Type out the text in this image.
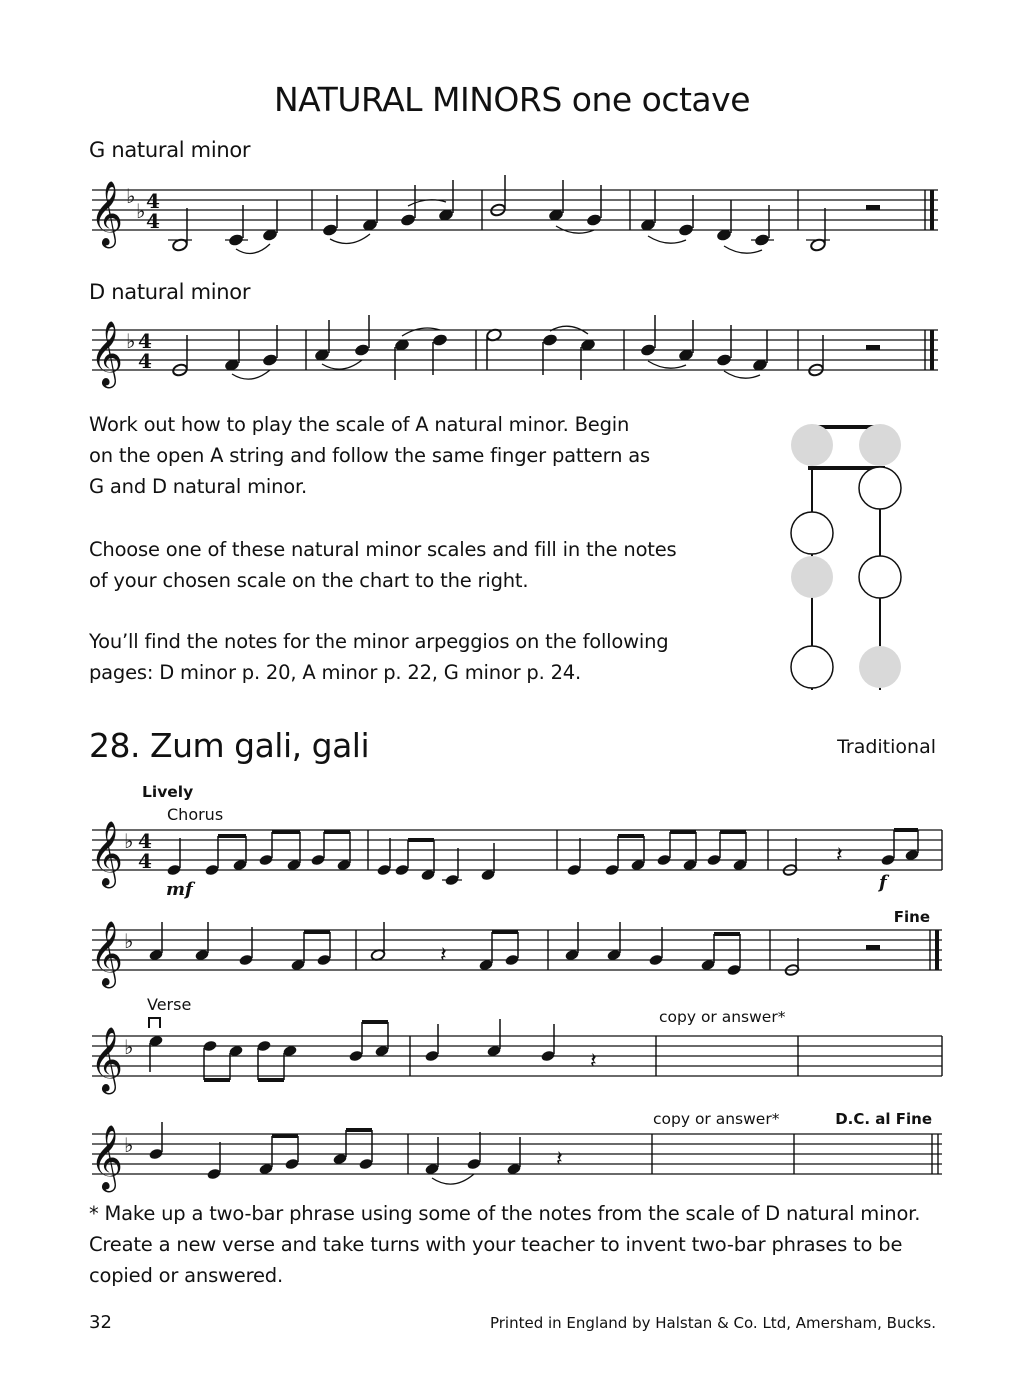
NATURAL MINORS one octave
G natural minor
D natural minor
𝄞 ♭
♭ 4
4
𝄞 ♭ 4
4
Work out how to play the scale of A natural minor. Begin
on the open A string and follow the same finger pattern as
G and D natural minor.
Choose one of these natural minor scales and fill in the notes
of your chosen scale on the chart to the right.
You’ll find the notes for the minor arpeggios on the following
pages: D minor p. 20, A minor p. 22, G minor p. 24.
28. Zum gali, gali	Traditional
Lively
Chorus
𝄞 ♭ 4
4
mf	f
𝄽
Fine
𝄞 ♭
𝄽
Verse
copy or answer*
𝄞 ♭
𝄽
copy or answer*	D.C. al Fine
𝄞 ♭
𝄽
* Make up a two-bar phrase using some of the notes from the scale of D natural minor.
Create a new verse and take turns with your teacher to invent two-bar phrases to be
copied or answered.
32	Printed in England by Halstan & Co. Ltd, Amersham, Bucks.
